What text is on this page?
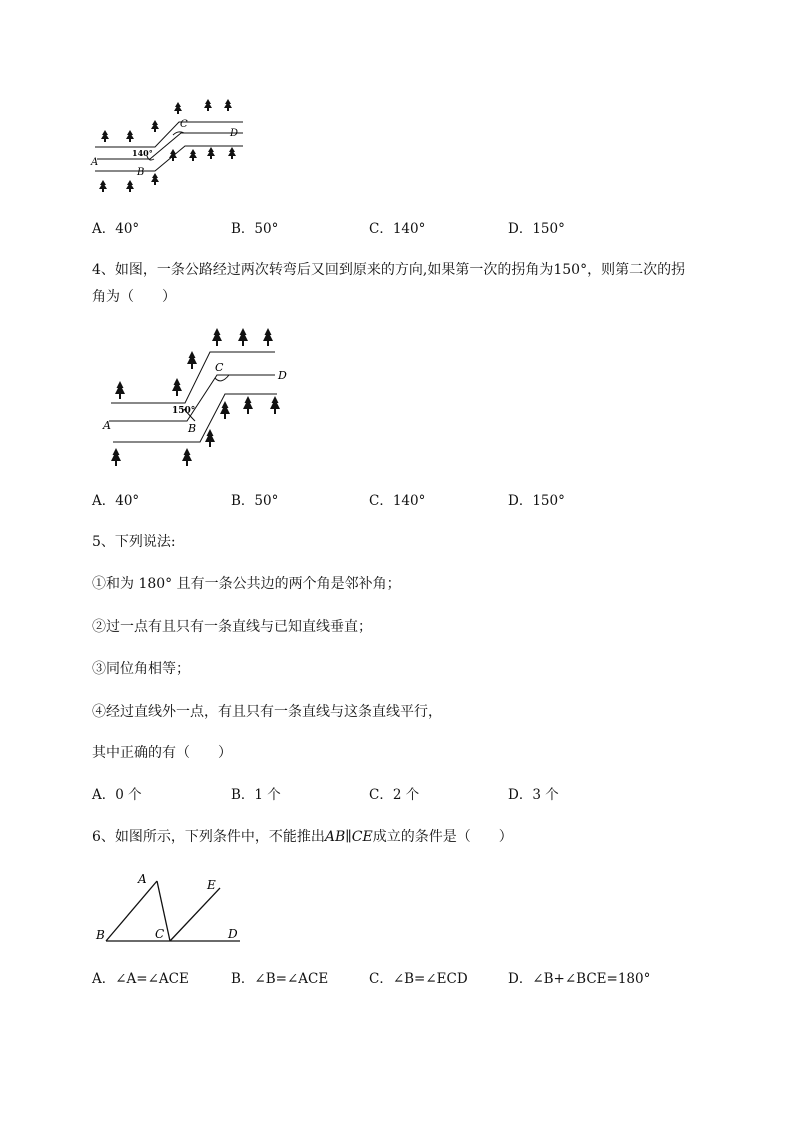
A
B
C
D
140°
A．40°	B．50°	C．140°	D．150°
4、如图，一条公路经过两次转弯后又回到原来的方向,如果第一次的拐角为150°，则第二次的拐
角为（　　）
A	B
C
D
150°
A．40°	B．50°	C．140°	D．150°
5、下列说法:
①和为 180° 且有一条公共边的两个角是邻补角；
②过一点有且只有一条直线与已知直线垂直；
③同位角相等；
④经过直线外一点，有且只有一条直线与这条直线平行，
其中正确的有（　　）
A．0 个	B．1 个	C．2 个	D．3 个
6、如图所示，下列条件中，不能推出AB∥CE成立的条件是（　　）
A
B	C	D
E
A．∠A=∠ACE	B．∠B=∠ACE	C．∠B=∠ECD	D．∠B+∠BCE=180°
